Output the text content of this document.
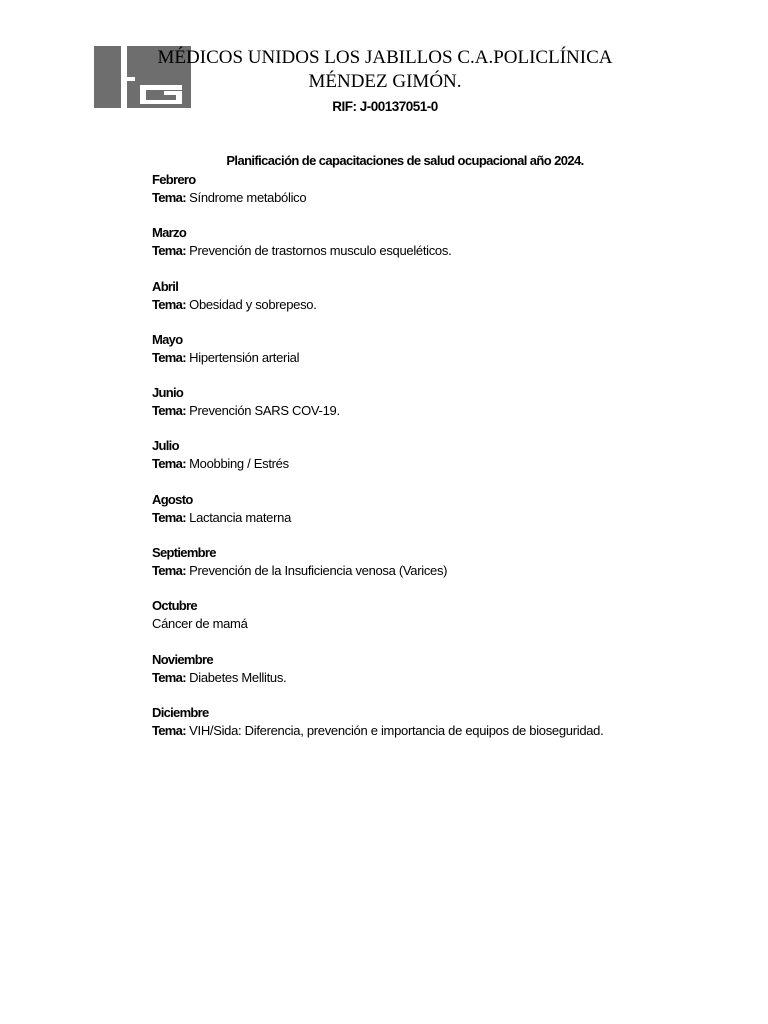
MÉDICOS UNIDOS LOS JABILLOS C.A.POLICLÍNICA MÉNDEZ GIMÓN.
RIF: J-00137051-0
Planificación de capacitaciones de salud ocupacional año 2024.
Febrero
Tema: Síndrome metabólico
Marzo
Tema: Prevención de trastornos musculo esqueléticos.
Abril
Tema: Obesidad y sobrepeso.
Mayo
Tema: Hipertensión arterial
Junio
Tema: Prevención SARS COV-19.
Julio
Tema: Moobbing / Estrés
Agosto
Tema: Lactancia materna
Septiembre
Tema: Prevención de la Insuficiencia venosa (Varices)
Octubre
Cáncer de mamá
Noviembre
Tema: Diabetes Mellitus.
Diciembre
Tema: VIH/Sida: Diferencia, prevención e importancia de equipos de bioseguridad.
